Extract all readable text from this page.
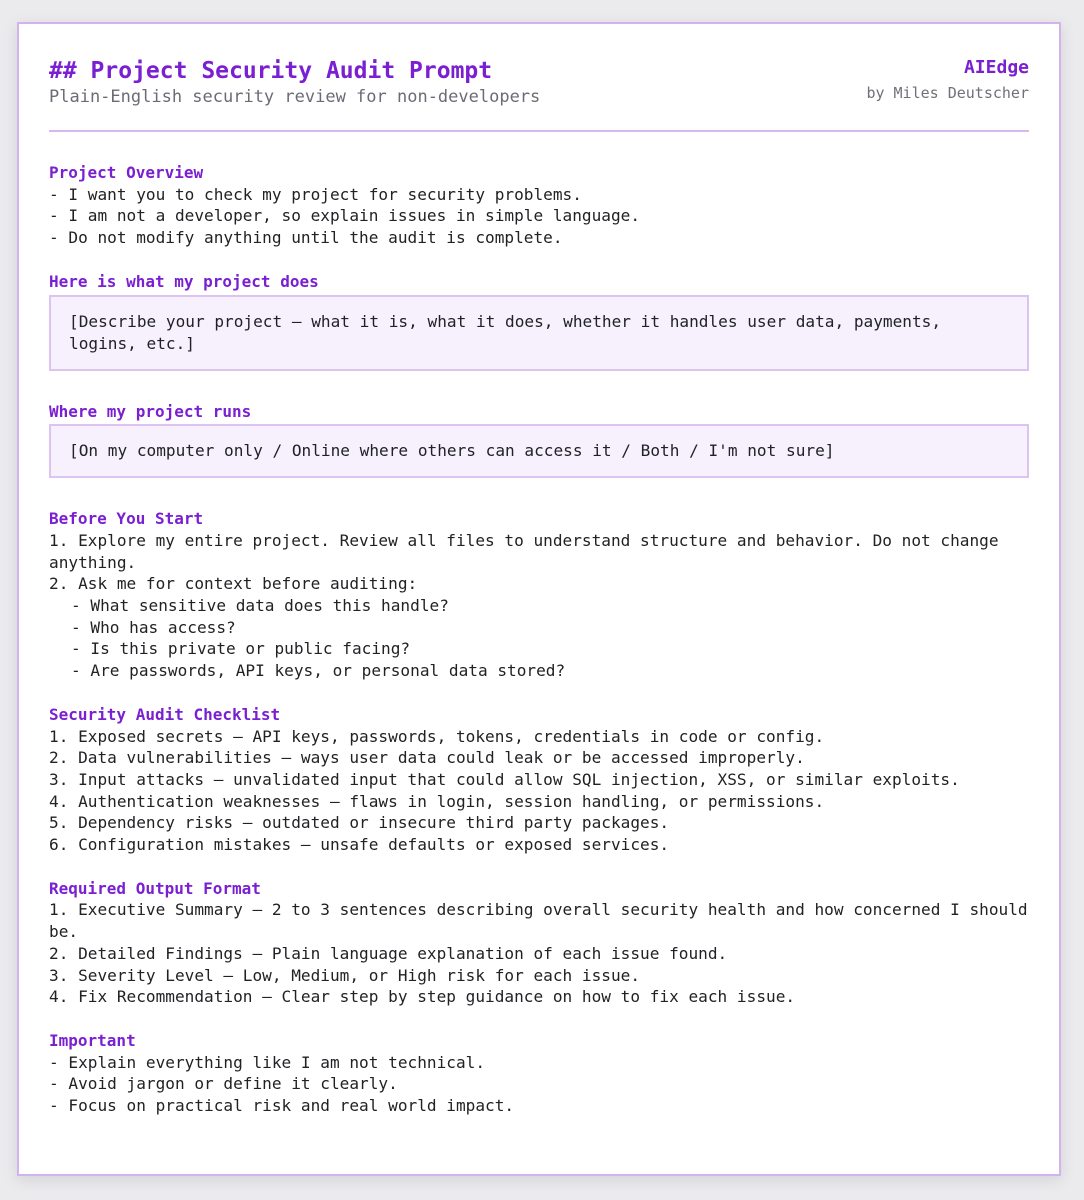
## Project Security Audit Prompt
Plain-English security review for non-developers
AIEdge
by Miles Deutscher
Project Overview
- I want you to check my project for security problems.
- I am not a developer, so explain issues in simple language.
- Do not modify anything until the audit is complete.
Here is what my project does
[Describe your project — what it is, what it does, whether it handles user data, payments, logins, etc.]
Where my project runs
[On my computer only / Online where others can access it / Both / I'm not sure]
Before You Start
1. Explore my entire project. Review all files to understand structure and behavior. Do not change anything.
2. Ask me for context before auditing:
- What sensitive data does this handle?
- Who has access?
- Is this private or public facing?
- Are passwords, API keys, or personal data stored?
Security Audit Checklist
1. Exposed secrets — API keys, passwords, tokens, credentials in code or config.
2. Data vulnerabilities — ways user data could leak or be accessed improperly.
3. Input attacks — unvalidated input that could allow SQL injection, XSS, or similar exploits.
4. Authentication weaknesses — flaws in login, session handling, or permissions.
5. Dependency risks — outdated or insecure third party packages.
6. Configuration mistakes — unsafe defaults or exposed services.
Required Output Format
1. Executive Summary — 2 to 3 sentences describing overall security health and how concerned I should be.
2. Detailed Findings — Plain language explanation of each issue found.
3. Severity Level — Low, Medium, or High risk for each issue.
4. Fix Recommendation — Clear step by step guidance on how to fix each issue.
Important
- Explain everything like I am not technical.
- Avoid jargon or define it clearly.
- Focus on practical risk and real world impact.
